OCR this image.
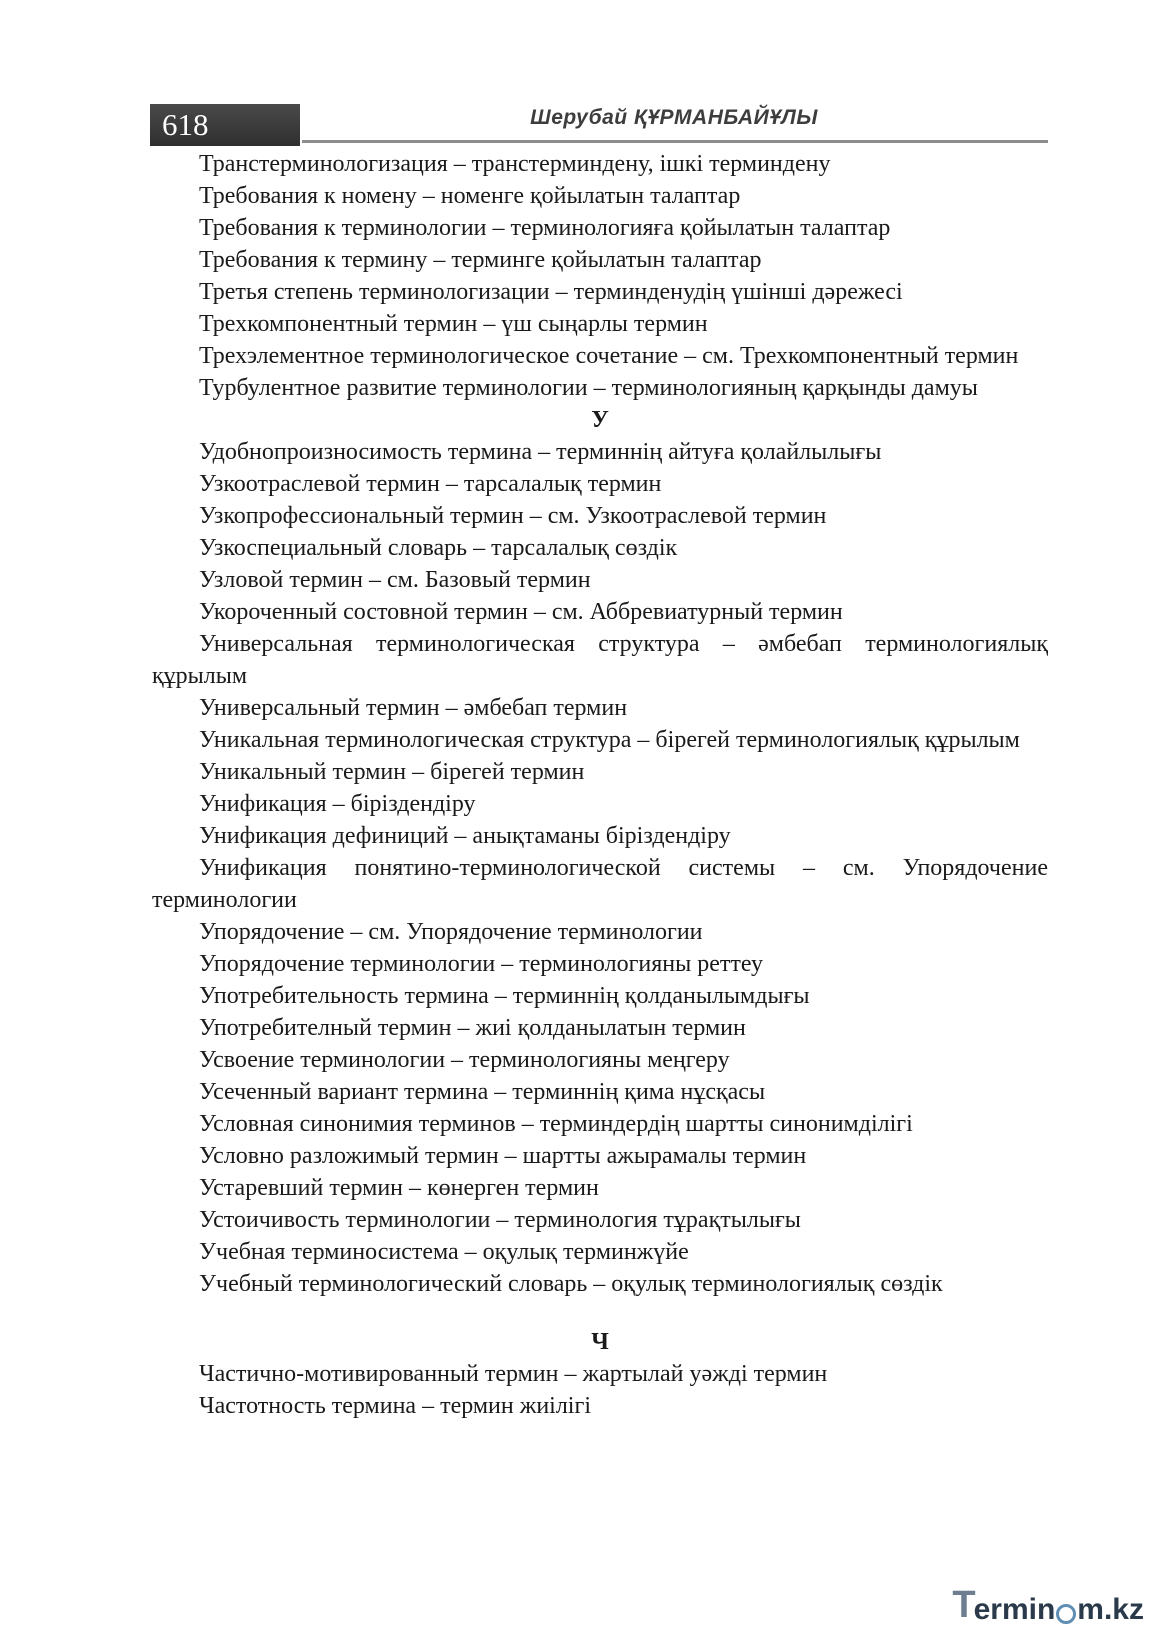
618	Шерубай ҚҰРМАНБАЙҰЛЫ

Транстерминологизация – транстерминдену, ішкі терминдену

Требования к номену – номенге қойылатын талаптар

Требования к терминологии – терминологияға қойылатын талаптар

Требования к термину – терминге қойылатын талаптар

Третья степень терминологизации – терминденудің үшінші дәрежесі

Трехкомпонентный термин – үш сыңарлы термин

Трехэлементное терминологическое сочетание – см. Трехкомпонентный термин

Турбулентное развитие терминологии – терминологияның қарқынды дамуы

У

Удобнопроизносимость термина – терминнің айтуға қолайлылығы

Узкоотраслевой термин – тарсалалық термин

Узкопрофессиональный термин – см. Узкоотраслевой термин

Узкоспециальный словарь – тарсалалық сөздік

Узловой термин – см. Базовый термин

Укороченный состовной термин – см. Аббревиатурный термин

Универсальная терминологическая структура – әмбебап терминологиялық құрылым

Универсальный термин – әмбебап термин

Уникальная терминологическая структура – бірегей терминологиялық құрылым

Уникальный термин – бірегей термин

Унификация – біріздендіру

Унификация дефиниций – анықтаманы біріздендіру

Унификация понятино-терминологической системы – см. Упорядочение терминологии

Упорядочение – см. Упорядочение терминологии

Упорядочение терминологии – терминологияны реттеу

Употребительность термина – терминнің қолданылымдығы

Употребителный термин – жиі қолданылатын термин

Усвоение терминологии – терминологияны меңгеру

Усеченный вариант термина – терминнің қима нұсқасы

Условная синонимия терминов – терминдердің шартты синонимділігі

Условно разложимый термин – шартты ажырамалы термин

Устаревший термин – көнерген термин

Устоичивость терминологии – терминология тұрақтылығы

Учебная терминосистема – оқулық терминжүйе

Учебный терминологический словарь – оқулық терминологиялық сөздік

Ч

Частично-мотивированный термин – жартылай уәжді термин

Частотность термина – термин жиілігі

T
ermin m.kz
